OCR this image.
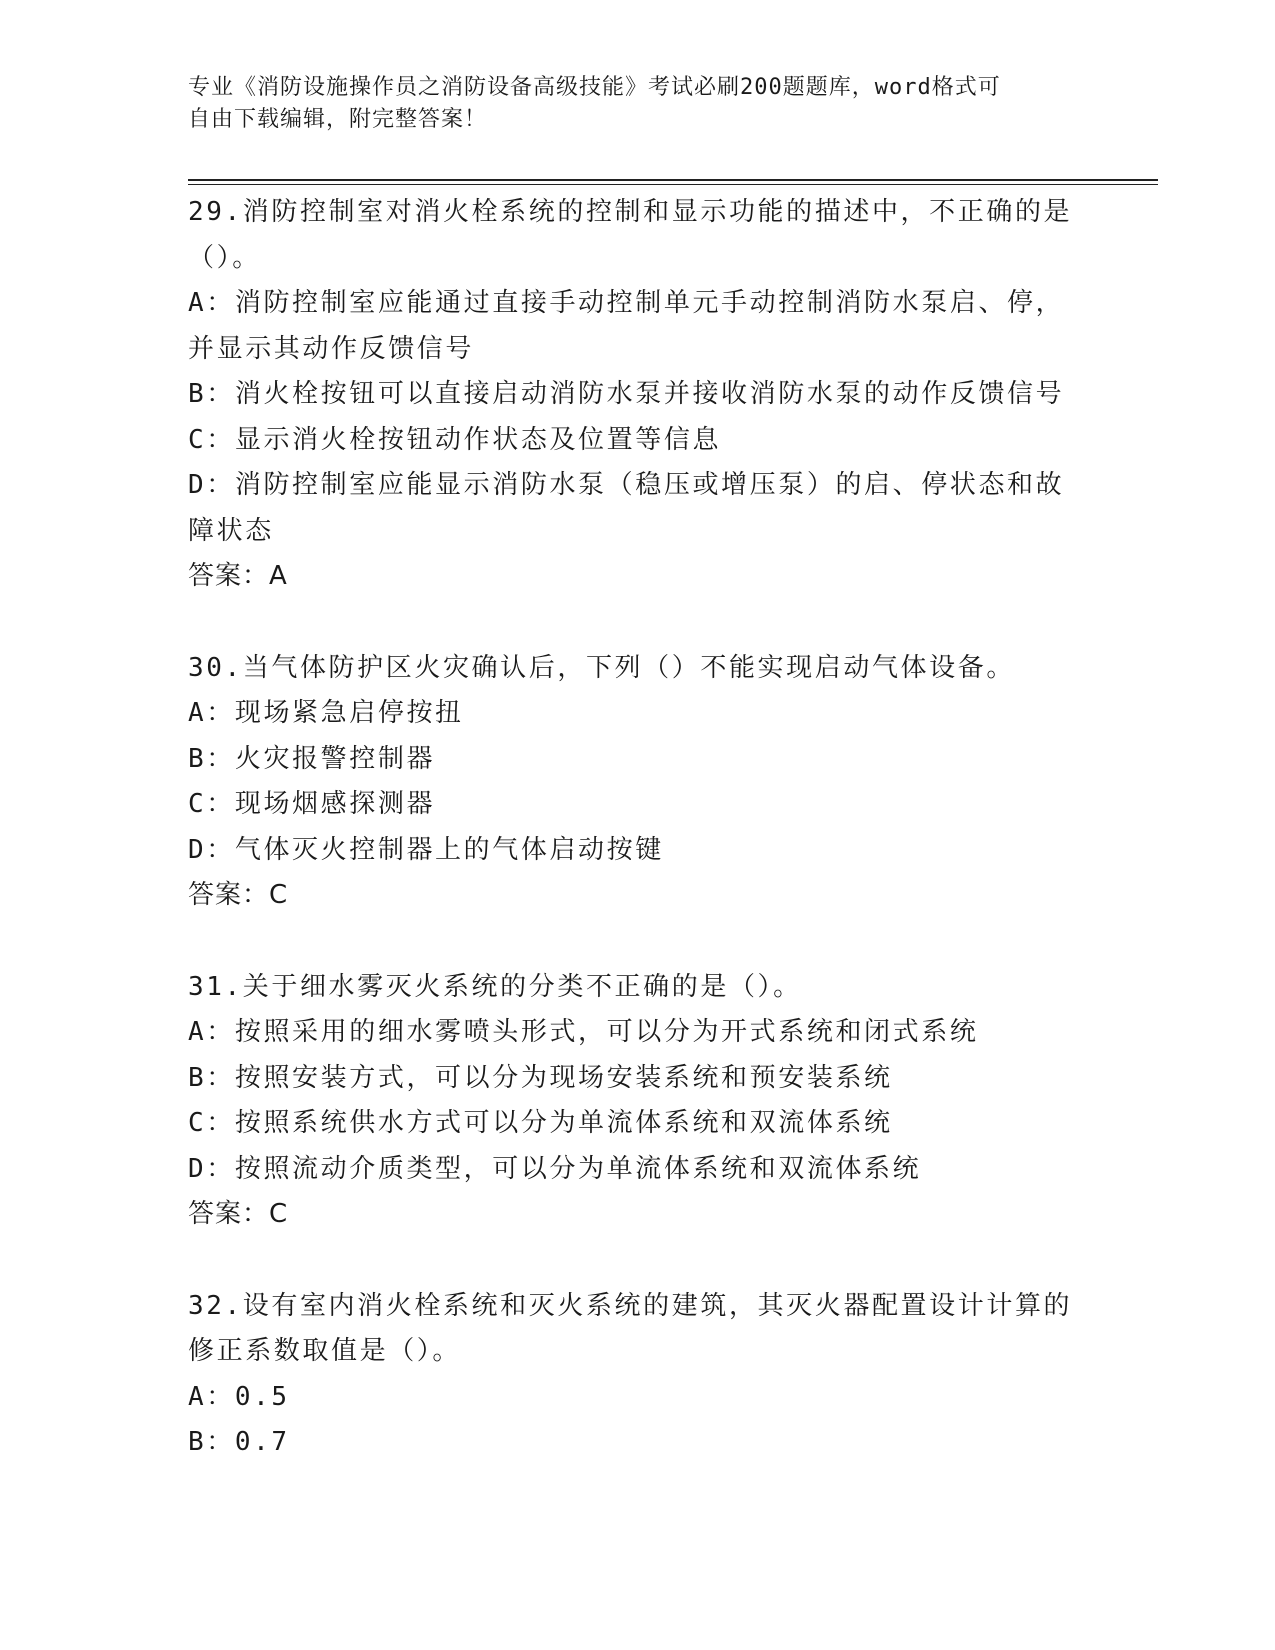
专业《消防设施操作员之消防设备高级技能》考试必刷200题题库，word格式可
自由下载编辑，附完整答案！
29.消防控制室对消火栓系统的控制和显示功能的描述中，不正确的是
（）。
A：消防控制室应能通过直接手动控制单元手动控制消防水泵启、停，
并显示其动作反馈信号
B：消火栓按钮可以直接启动消防水泵并接收消防水泵的动作反馈信号
C：显示消火栓按钮动作状态及位置等信息
D：消防控制室应能显示消防水泵（稳压或增压泵）的启、停状态和故
障状态
答案：A
30.当气体防护区火灾确认后，下列（）不能实现启动气体设备。
A：现场紧急启停按扭
B：火灾报警控制器
C：现场烟感探测器
D：气体灭火控制器上的气体启动按键
答案：C
31.关于细水雾灭火系统的分类不正确的是（）。
A：按照采用的细水雾喷头形式，可以分为开式系统和闭式系统
B：按照安装方式，可以分为现场安装系统和预安装系统
C：按照系统供水方式可以分为单流体系统和双流体系统
D：按照流动介质类型，可以分为单流体系统和双流体系统
答案：C
32.设有室内消火栓系统和灭火系统的建筑，其灭火器配置设计计算的
修正系数取值是（）。
A：0.5
B：0.7
